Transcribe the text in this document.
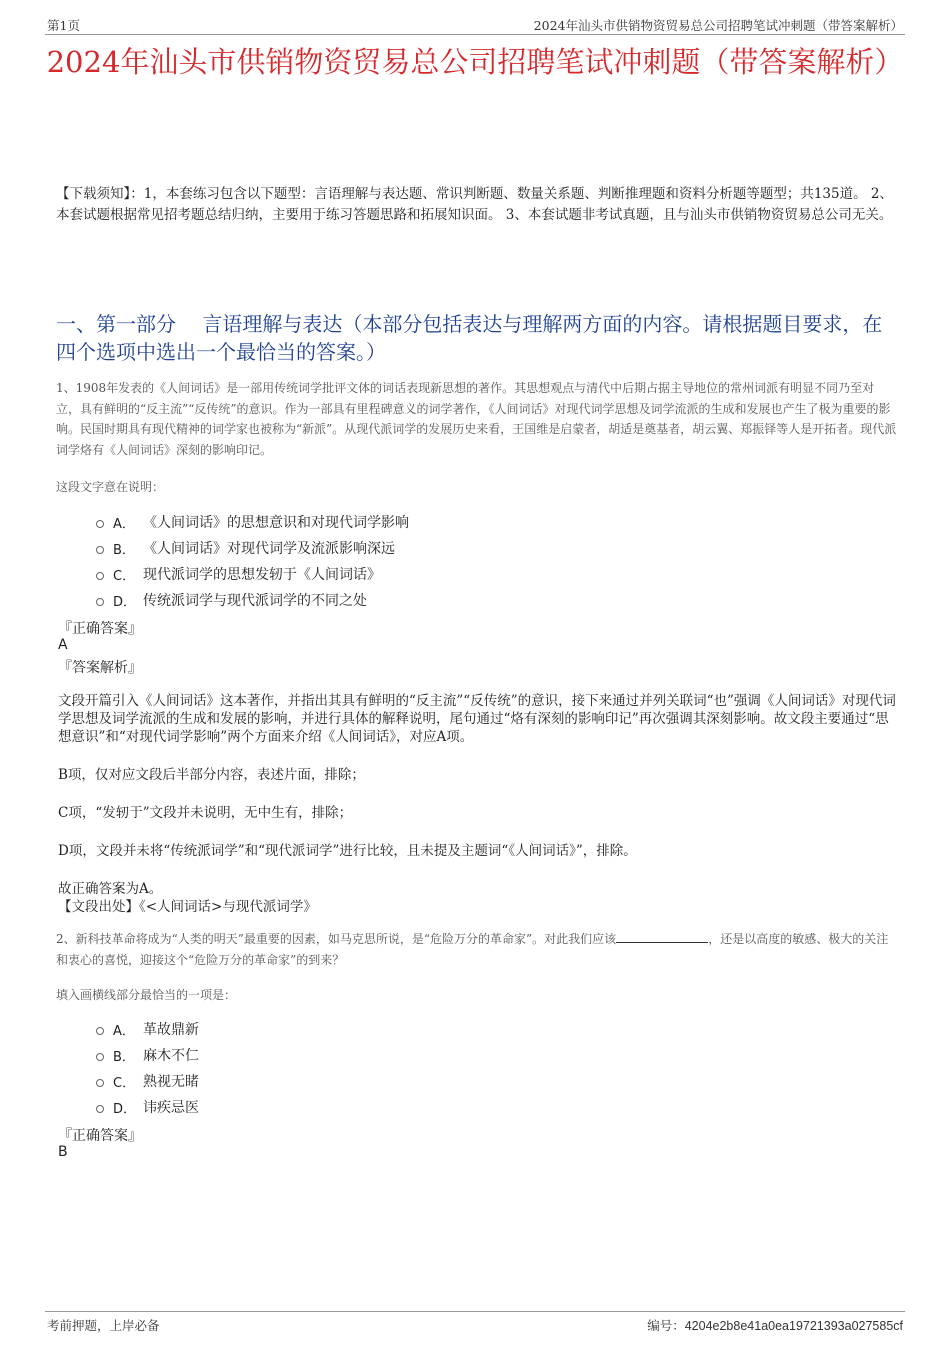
第1页	2024年汕头市供销物资贸易总公司招聘笔试冲刺题（带答案解析）
2024年汕头市供销物资贸易总公司招聘笔试冲刺题（带答案解析）
【下载须知】：1，本套练习包含以下题型：言语理解与表达题、常识判断题、数量关系题、判断推理题和资料分析题等题型；共135道。 2、本套试题根据常见招考题总结归纳，主要用于练习答题思路和拓展知识面。 3、本套试题非考试真题，且与汕头市供销物资贸易总公司无关。
一、第一部分　 言语理解与表达（本部分包括表达与理解两方面的内容。请根据题目要求，在四个选项中选出一个最恰当的答案。）
1、1908年发表的《人间词话》是一部用传统词学批评文体的词话表现新思想的著作。其思想观点与清代中后期占据主导地位的常州词派有明显不同乃至对立，具有鲜明的“反主流”“反传统”的意识。作为一部具有里程碑意义的词学著作，《人间词话》对现代词学思想及词学流派的生成和发展也产生了极为重要的影响。民国时期具有现代精神的词学家也被称为“新派”。从现代派词学的发展历史来看，王国维是启蒙者，胡适是奠基者，胡云翼、郑振铎等人是开拓者。现代派词学烙有《人间词话》深刻的影响印记。
这段文字意在说明：
A． 《人间词话》的思想意识和对现代词学影响
B． 《人间词话》对现代词学及流派影响深远
C． 现代派词学的思想发轫于《人间词话》
D． 传统派词学与现代派词学的不同之处
『正确答案』
A
『答案解析』

文段开篇引入《人间词话》这本著作，并指出其具有鲜明的“反主流”“反传统”的意识，接下来通过并列关联词“也”强调《人间词话》对现代词学思想及词学流派的生成和发展的影响，并进行具体的解释说明，尾句通过“烙有深刻的影响印记”再次强调其深刻影响。故文段主要通过“思想意识”和“对现代词学影响”两个方面来介绍《人间词话》，对应A项。

B项，仅对应文段后半部分内容，表述片面，排除；

C项，“发轫于”文段并未说明，无中生有，排除；

D项，文段并未将“传统派词学”和“现代派词学”进行比较，且未提及主题词“《人间词话》”，排除。

故正确答案为A。

【文段出处】《<人间词话>与现代派词学》
2、新科技革命将成为“人类的明天”最重要的因素，如马克思所说，是“危险万分的革命家”。对此我们应该	，还是以高度的敏感、极大的关注和衷心的喜悦，迎接这个“危险万分的革命家”的到来？
填入画横线部分最恰当的一项是：
A． 革故鼎新
B． 麻木不仁
C． 熟视无睹
D． 讳疾忌医
『正确答案』
B
考前押题，上岸必备	编号：4204e2b8e41a0ea19721393a027585cf
